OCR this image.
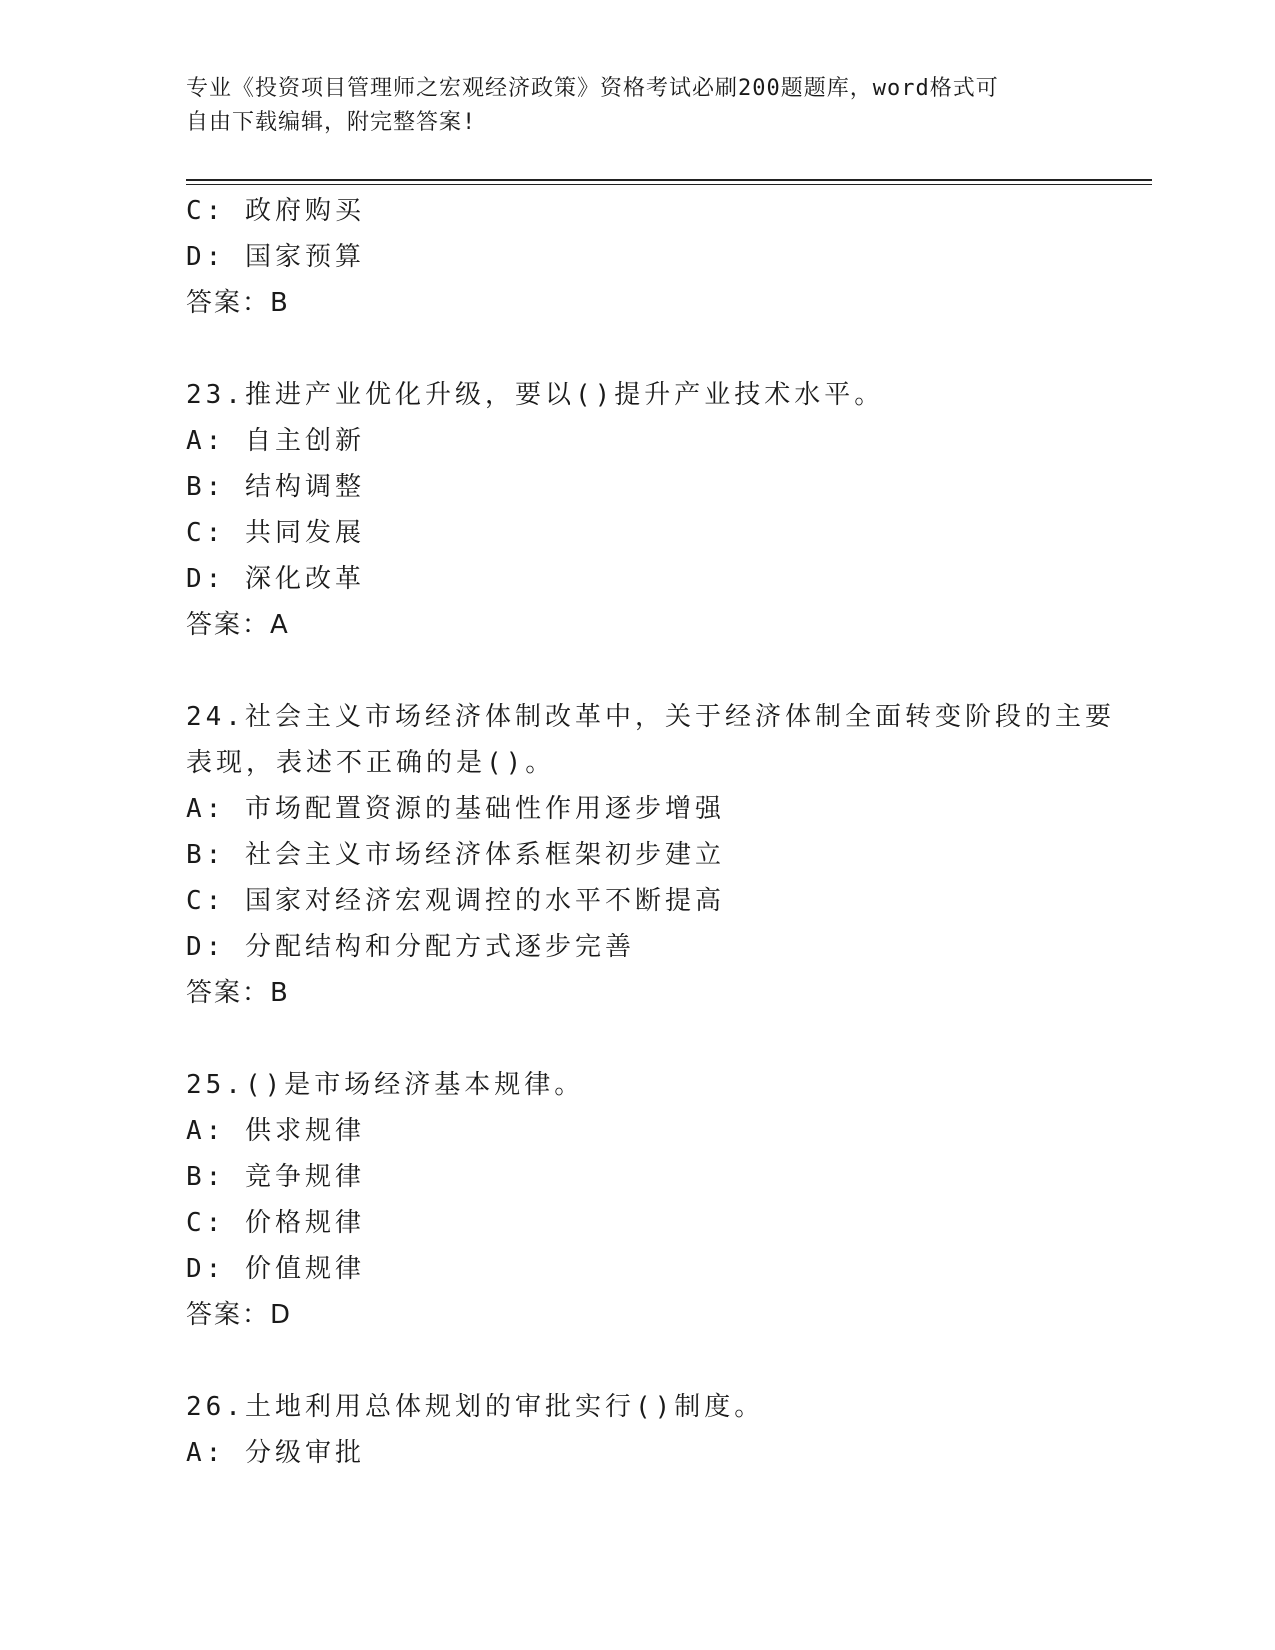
专业《投资项目管理师之宏观经济政策》资格考试必刷200题题库，word格式可
自由下载编辑，附完整答案!
C: 政府购买
D: 国家预算
答案：B
23.推进产业优化升级，要以()提升产业技术水平。
A: 自主创新
B: 结构调整
C: 共同发展
D: 深化改革
答案：A
24.社会主义市场经济体制改革中，关于经济体制全面转变阶段的主要
表现，表述不正确的是()。
A: 市场配置资源的基础性作用逐步增强
B: 社会主义市场经济体系框架初步建立
C: 国家对经济宏观调控的水平不断提高
D: 分配结构和分配方式逐步完善
答案：B
25.()是市场经济基本规律。
A: 供求规律
B: 竞争规律
C: 价格规律
D: 价值规律
答案：D
26.土地利用总体规划的审批实行()制度。
A: 分级审批
